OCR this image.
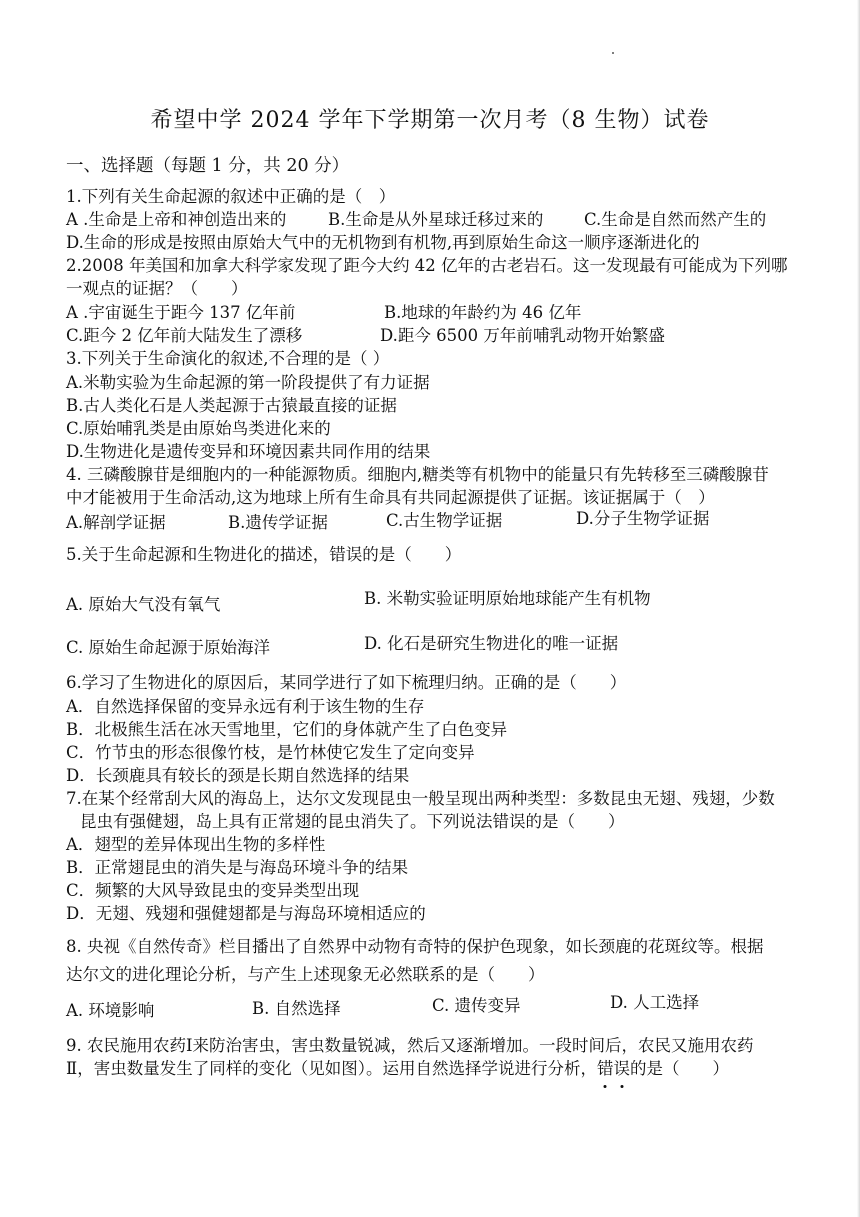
希望中学 2024 学年下学期第一次月考（8 生物）试卷
一、选择题（每题 1 分，共 20 分）
1.下列有关生命起源的叙述中正确的是（　）
A .生命是上帝和神创造出来的	B.生命是从外星球迁移过来的 C.生命是自然而然产生的
D.生命的形成是按照由原始大气中的无机物到有机物,再到原始生命这一顺序逐渐进化的
2.2008 年美国和加拿大科学家发现了距今大约 42 亿年的古老岩石。这一发现最有可能成为下列哪
一观点的证据？（　　）
A .宇宙诞生于距今 137 亿年前	B.地球的年龄约为 46 亿年
C.距今 2 亿年前大陆发生了漂移	D.距今 6500 万年前哺乳动物开始繁盛
3.下列关于生命演化的叙述,不合理的是（ ）
A.米勒实验为生命起源的第一阶段提供了有力证据
B.古人类化石是人类起源于古猿最直接的证据
C.原始哺乳类是由原始鸟类进化来的
D.生物进化是遗传变异和环境因素共同作用的结果
4. 三磷酸腺苷是细胞内的一种能源物质。细胞内,糖类等有机物中的能量只有先转移至三磷酸腺苷
中才能被用于生命活动,这为地球上所有生命具有共同起源提供了证据。该证据属于（　）
A.解剖学证据	B.遗传学证据	C.古生物学证据	D.分子生物学证据
5.关于生命起源和生物进化的描述，错误的是（　　）
A. 原始大气没有氧气	B. 米勒实验证明原始地球能产生有机物
C. 原始生命起源于原始海洋	D. 化石是研究生物进化的唯一证据
6.学习了生物进化的原因后，某同学进行了如下梳理归纳。正确的是（　　）
A．自然选择保留的变异永远有利于该生物的生存
B．北极熊生活在冰天雪地里，它们的身体就产生了白色变异
C．竹节虫的形态很像竹枝，是竹林使它发生了定向变异
D．长颈鹿具有较长的颈是长期自然选择的结果
7.在某个经常刮大风的海岛上，达尔文发现昆虫一般呈现出两种类型：多数昆虫无翅、残翅，少数
昆虫有强健翅，岛上具有正常翅的昆虫消失了。下列说法错误的是（　　）
A．翅型的差异体现出生物的多样性
B．正常翅昆虫的消失是与海岛环境斗争的结果
C．频繁的大风导致昆虫的变异类型出现
D．无翅、残翅和强健翅都是与海岛环境相适应的
8. 央视《自然传奇》栏目播出了自然界中动物有奇特的保护色现象，如长颈鹿的花斑纹等。根据
达尔文的进化理论分析，与产生上述现象无必然联系的是（　　）
A. 环境影响	B. 自然选择	C. 遗传变异	D. 人工选择
9. 农民施用农药Ⅰ来防治害虫，害虫数量锐减，然后又逐渐增加。一段时间后，农民又施用农药
Ⅱ，害虫数量发生了同样的变化（见如图）。运用自然选择学说进行分析，错
误
的是（　　）
